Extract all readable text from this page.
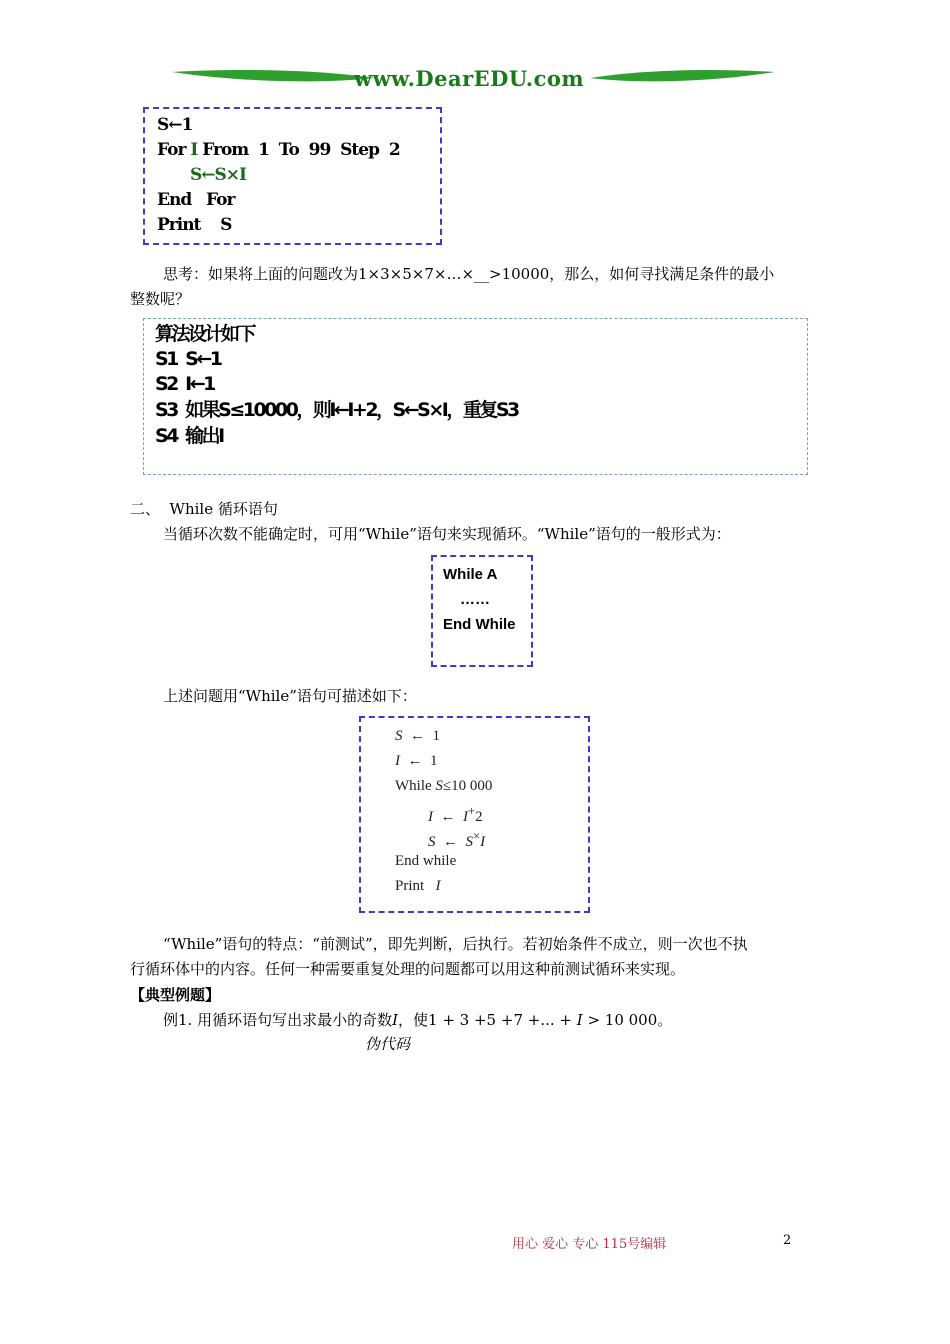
www.DearEDU.com
S←1
For I From  1  To  99  Step  2
S←S×I
End   For
Print    S
思考：如果将上面的问题改为1×3×5×7×…×__>10000，那么，如何寻找满足条件的最小
整数呢？
算法设计如下
S1  S←1
S2  I←1
S3  如果S≤10000，则I←I+2，S←S×I，重复S3
S4  输出I
二、  While 循环语句
当循环次数不能确定时，可用“While”语句来实现循环。“While”语句的一般形式为：
While A
……
End While
上述问题用“While”语句可描述如下：
S ← 1
I ← 1
While S≤10 000
I ← I+2
S ← S×I
End while
Print I
“While”语句的特点：“前测试”，即先判断，后执行。若初始条件不成立，则一次也不执
行循环体中的内容。任何一种需要重复处理的问题都可以用这种前测试循环来实现。
【典型例题】
例1. 用循环语句写出求最小的奇数I，使1 + 3 +5 +7 +... + I > 10 000。
伪代码
用心 爱心 专心 115号编辑	2
